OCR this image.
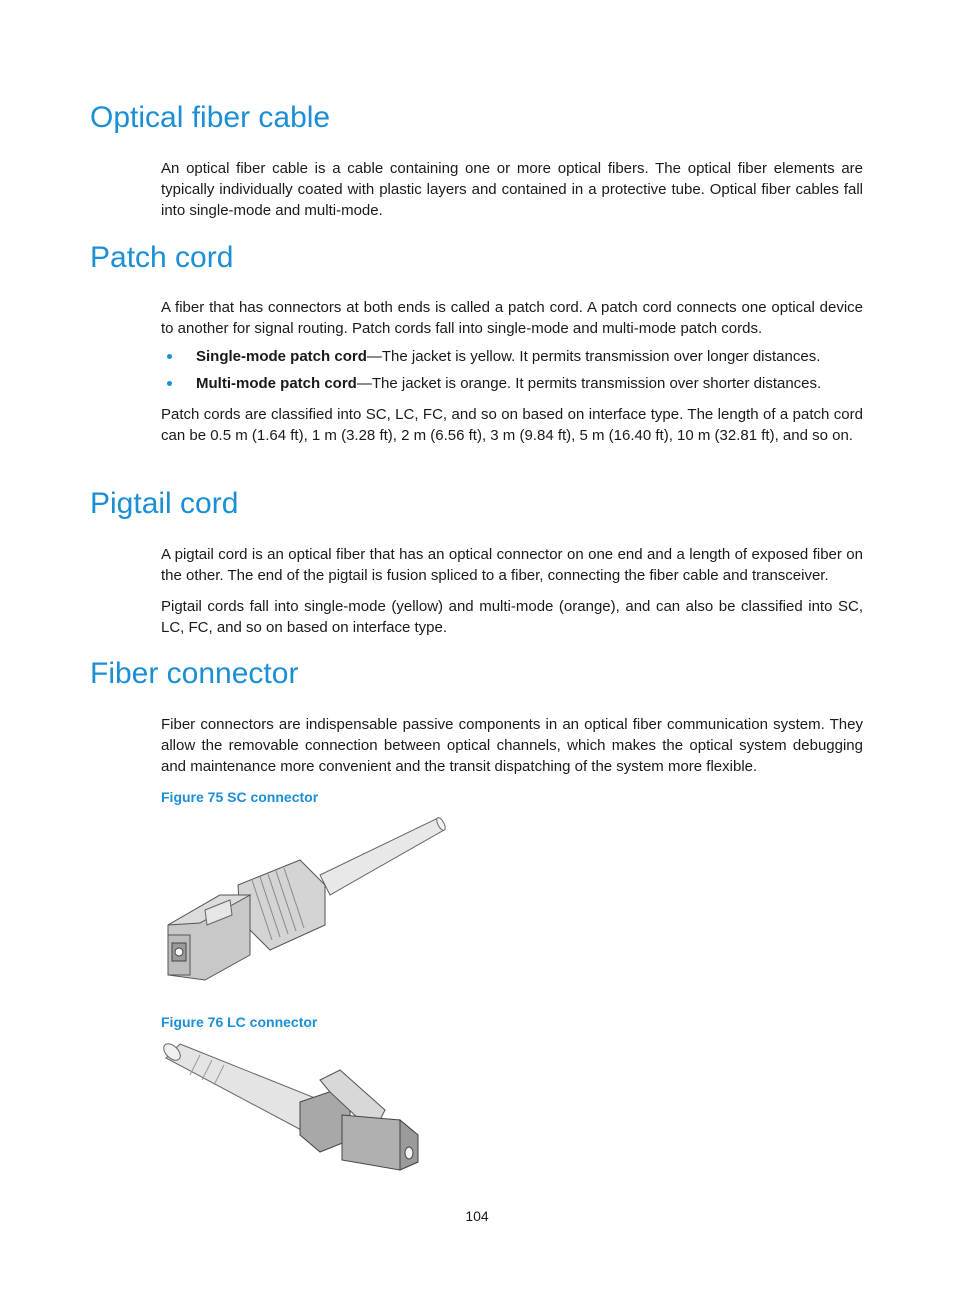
Optical fiber cable

An optical fiber cable is a cable containing one or more optical fibers. The optical fiber elements are typically individually coated with plastic layers and contained in a protective tube. Optical fiber cables fall into single-mode and multi-mode.

Patch cord

A fiber that has connectors at both ends is called a patch cord. A patch cord connects one optical device to another for signal routing. Patch cords fall into single-mode and multi-mode patch cords.

Single-mode patch cord—The jacket is yellow. It permits transmission over longer distances.
Multi-mode patch cord—The jacket is orange. It permits transmission over shorter distances.

Patch cords are classified into SC, LC, FC, and so on based on interface type. The length of a patch cord can be 0.5 m (1.64 ft), 1 m (3.28 ft), 2 m (6.56 ft), 3 m (9.84 ft), 5 m (16.40 ft), 10 m (32.81 ft), and so on.

Pigtail cord

A pigtail cord is an optical fiber that has an optical connector on one end and a length of exposed fiber on the other. The end of the pigtail is fusion spliced to a fiber, connecting the fiber cable and transceiver.

Pigtail cords fall into single-mode (yellow) and multi-mode (orange), and can also be classified into SC, LC, FC, and so on based on interface type.

Fiber connector

Fiber connectors are indispensable passive components in an optical fiber communication system. They allow the removable connection between optical channels, which makes the optical system debugging and maintenance more convenient and the transit dispatching of the system more flexible.

Figure 75 SC connector

Figure 76 LC connector

104
